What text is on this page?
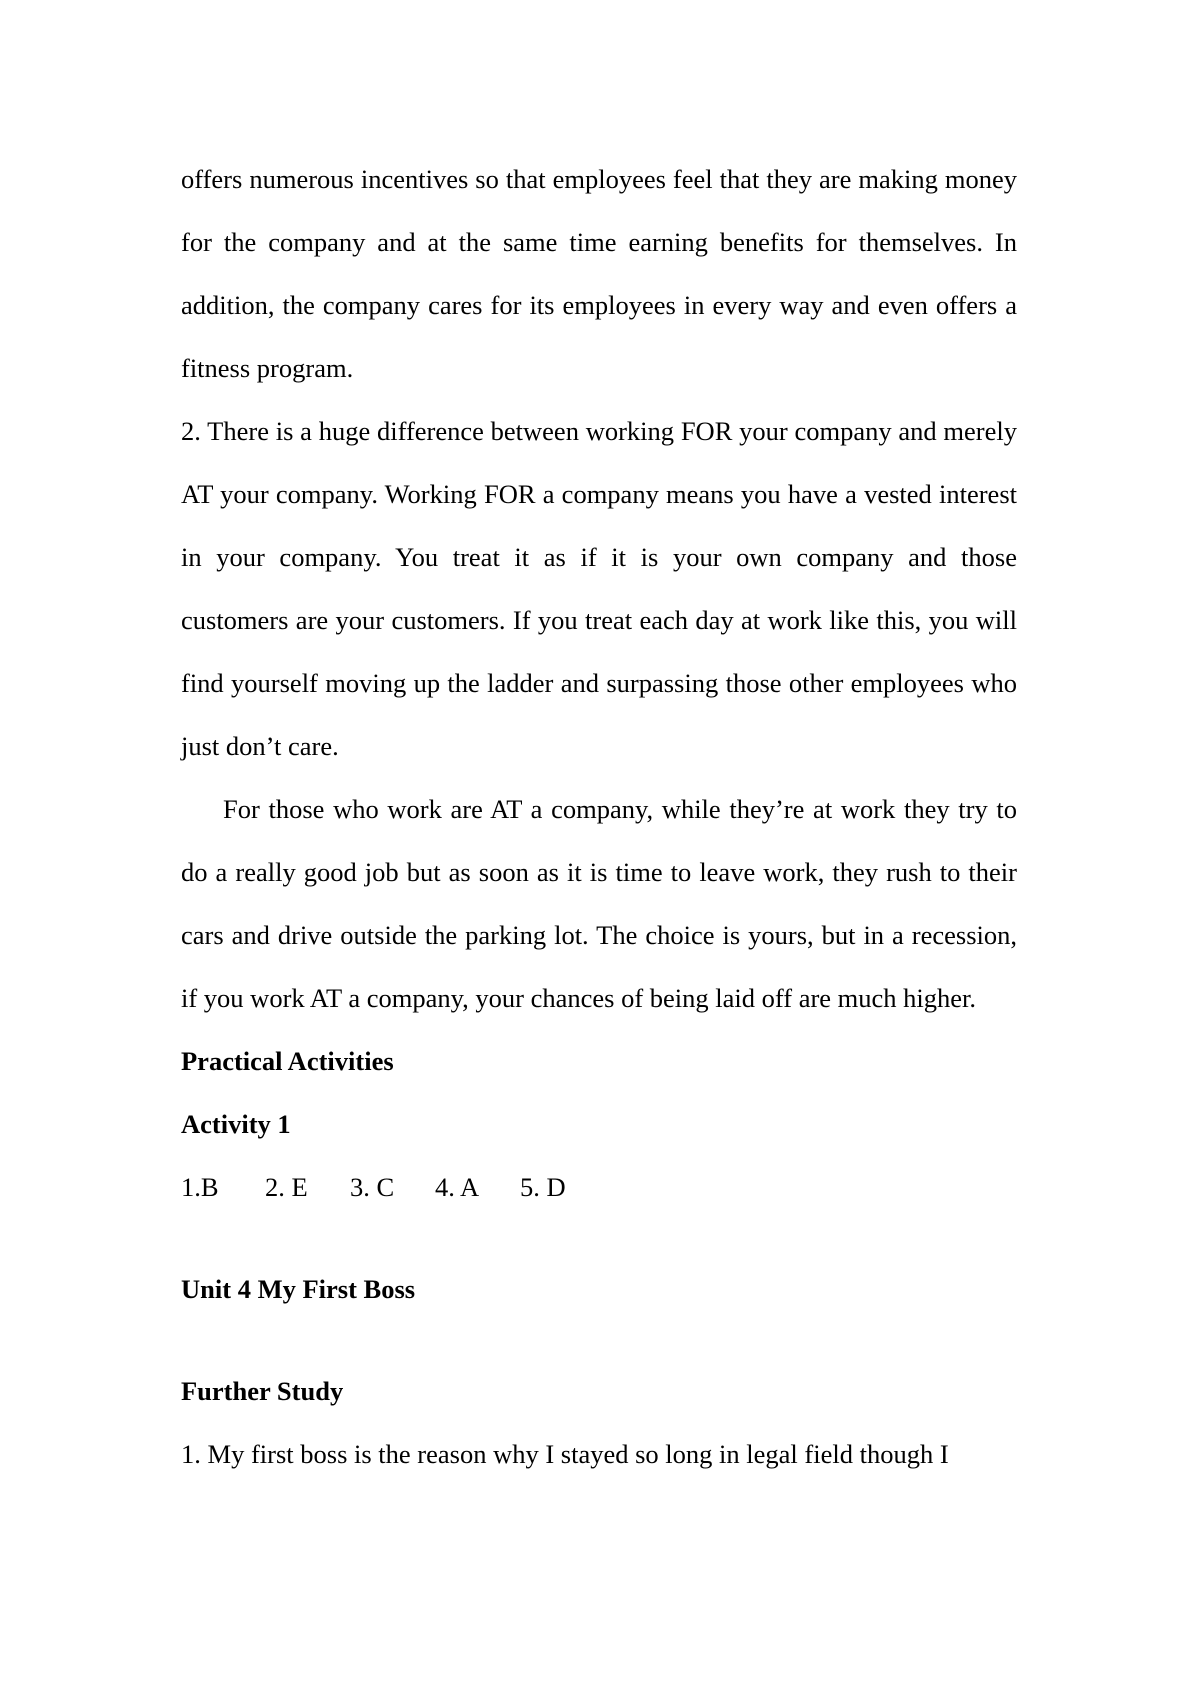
offers numerous incentives so that employees feel that they are making money for the company and at the same time earning benefits for themselves. In addition, the company cares for its employees in every way and even offers a fitness program.

2. There is a huge difference between working FOR your company and merely AT your company. Working FOR a company means you have a vested interest in your company. You treat it as if it is your own company and those customers are your customers. If you treat each day at work like this, you will find yourself moving up the ladder and surpassing those other employees who just don’t care.

For those who work are AT a company, while they’re at work they try to do a really good job but as soon as it is time to leave work, they rush to their cars and drive outside the parking lot. The choice is yours, but in a recession, if you work AT a company, your chances of being laid off are much higher.

Practical Activities

Activity 1

1.B 2. E 3. C 4. A 5. D

Unit 4 My First Boss

Further Study

1. My first boss is the reason why I stayed so long in legal field though I
